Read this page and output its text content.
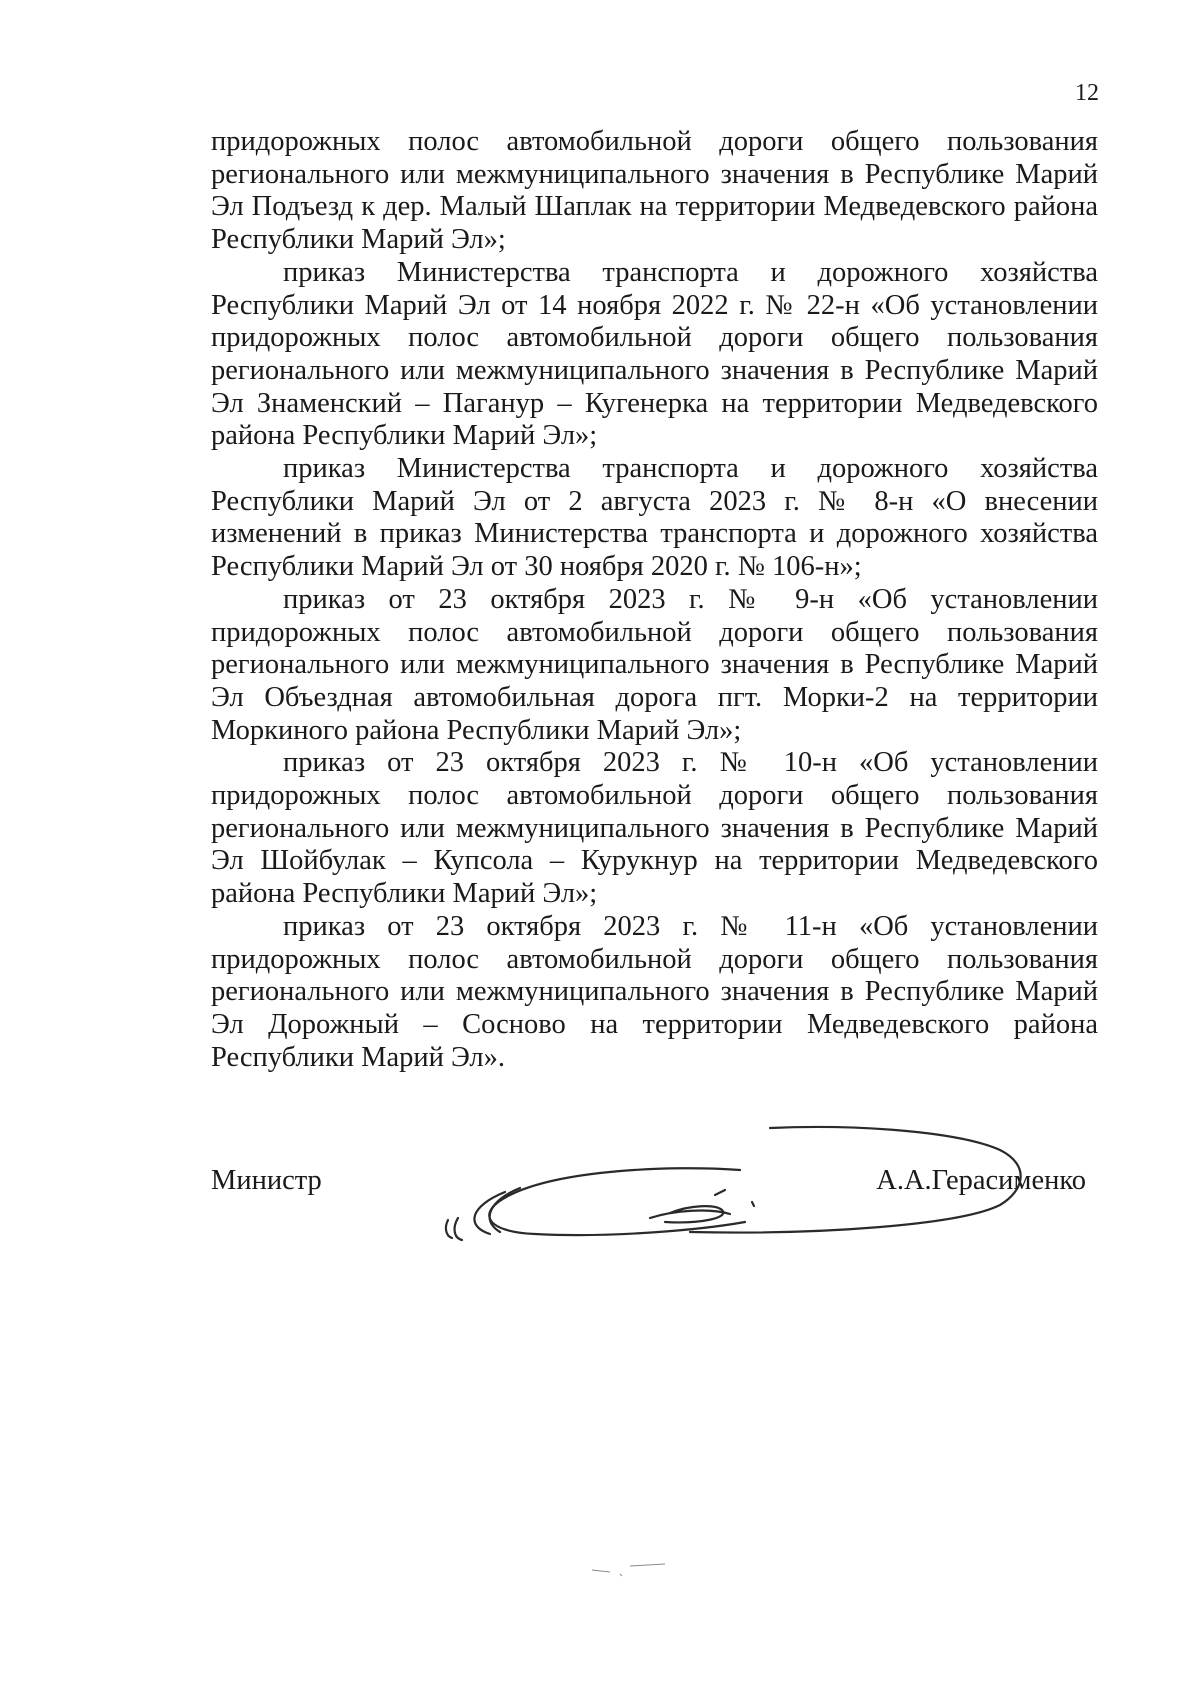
12

придорожных полос автомобильной дороги общего пользования регионального или межмуниципального значения в Республике Марий Эл Подъезд к дер. Малый Шаплак на территории Медведевского района Республики Марий Эл»;

приказ Министерства транспорта и дорожного хозяйства Республики Марий Эл от 14 ноября 2022 г. № 22-н «Об установлении придорожных полос автомобильной дороги общего пользования регионального или межмуниципального значения в Республике Марий Эл Знаменский – Паганур – Кугенерка на территории Медведевского района Республики Марий Эл»;

приказ Министерства транспорта и дорожного хозяйства Республики Марий Эл от 2 августа 2023 г. № 8-н «О внесении изменений в приказ Министерства транспорта и дорожного хозяйства Республики Марий Эл от 30 ноября 2020 г. № 106-н»;

приказ от 23 октября 2023 г. № 9-н «Об установлении придорожных полос автомобильной дороги общего пользования регионального или межмуниципального значения в Республике Марий Эл Объездная автомобильная дорога пгт. Морки-2 на территории Моркиного района Республики Марий Эл»;

приказ от 23 октября 2023 г. № 10-н «Об установлении придорожных полос автомобильной дороги общего пользования регионального или межмуниципального значения в Республике Марий Эл Шойбулак – Купсола – Курукнур на территории Медведевского района Республики Марий Эл»;

приказ от 23 октября 2023 г. № 11-н «Об установлении придорожных полос автомобильной дороги общего пользования регионального или межмуниципального значения в Республике Марий Эл Дорожный – Сосново на территории Медведевского района Республики Марий Эл».

Министр	А.А.Герасименко
